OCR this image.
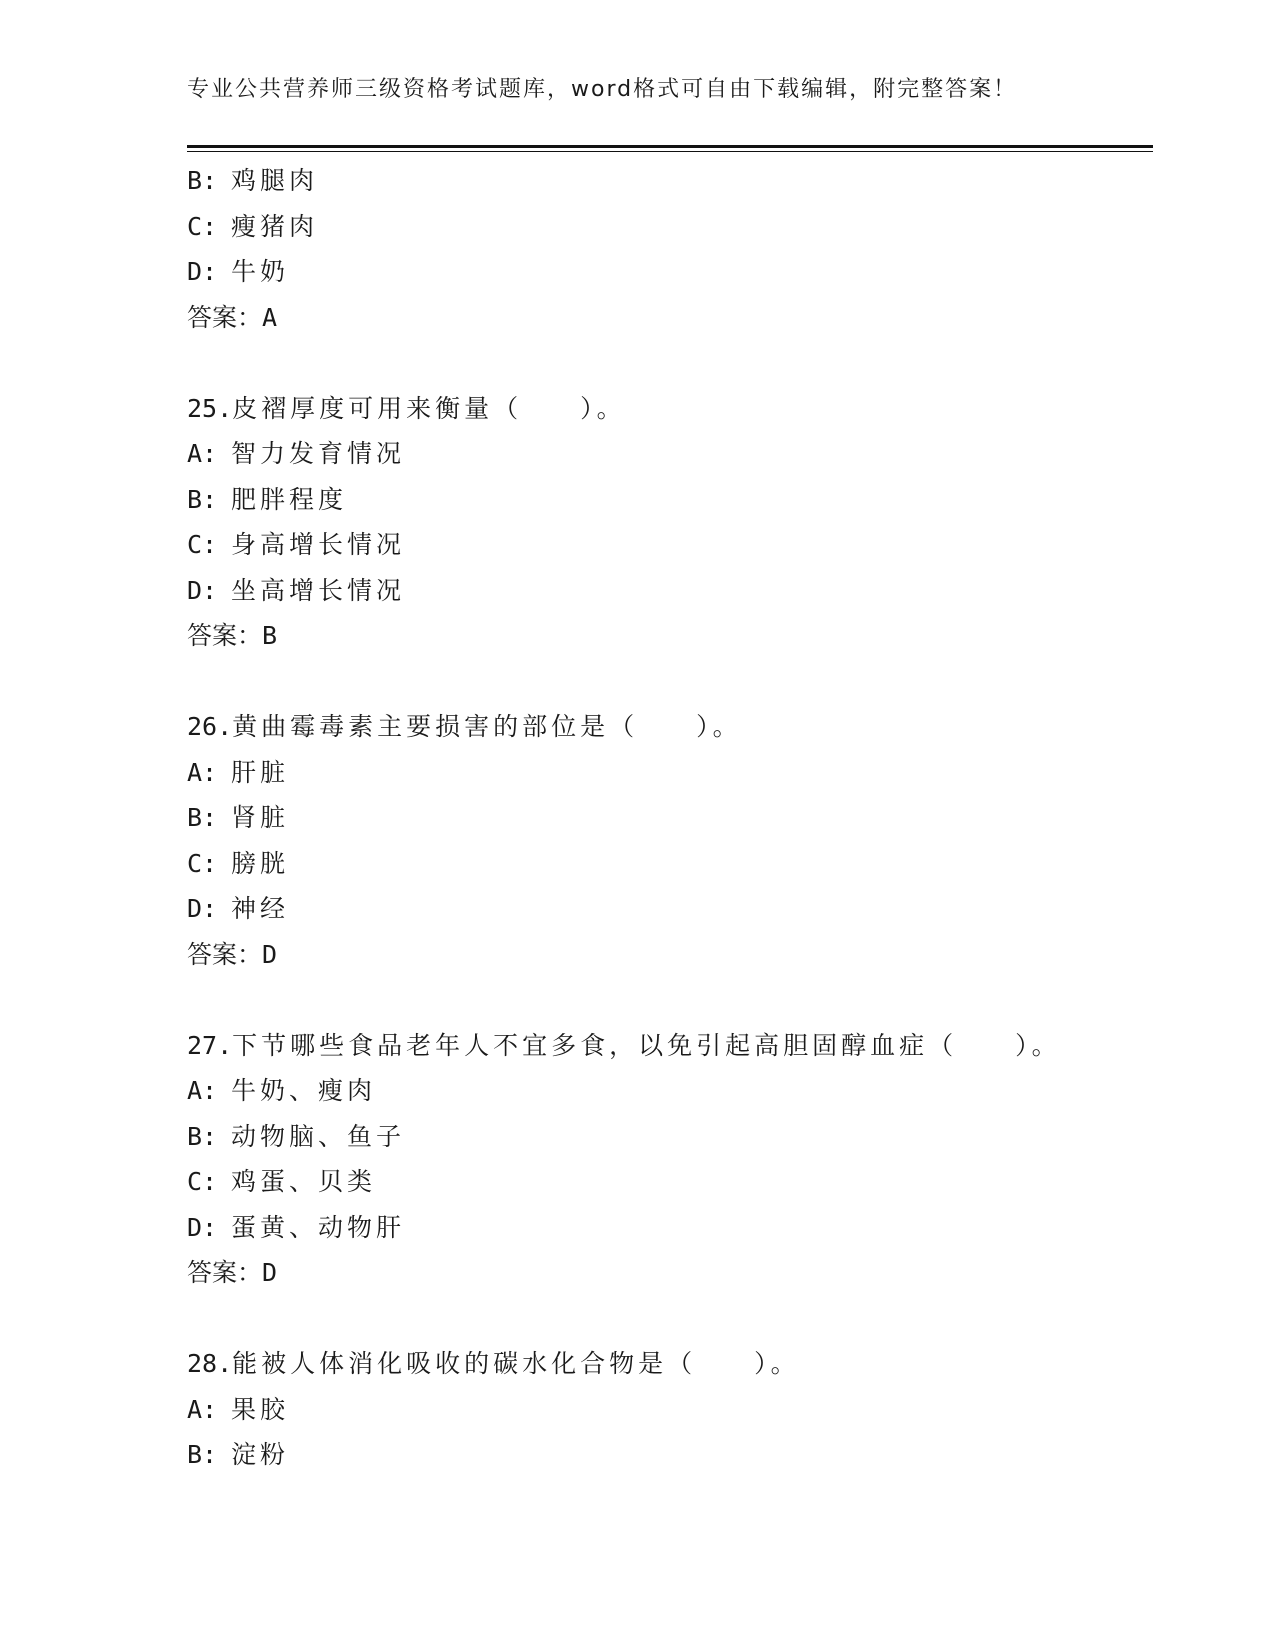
专业公共营养师三级资格考试题库，word格式可自由下载编辑，附完整答案！
B: 鸡腿肉
C: 瘦猪肉
D: 牛奶
答案：A
25.皮褶厚度可用来衡量（　　）。
A: 智力发育情况
B: 肥胖程度
C: 身高增长情况
D: 坐高增长情况
答案：B
26.黄曲霉毒素主要损害的部位是（　　）。
A: 肝脏
B: 肾脏
C: 膀胱
D: 神经
答案：D
27.下节哪些食品老年人不宜多食，以免引起高胆固醇血症（　　）。
A: 牛奶、瘦肉
B: 动物脑、鱼子
C: 鸡蛋、贝类
D: 蛋黄、动物肝
答案：D
28.能被人体消化吸收的碳水化合物是（　　）。
A: 果胶
B: 淀粉
